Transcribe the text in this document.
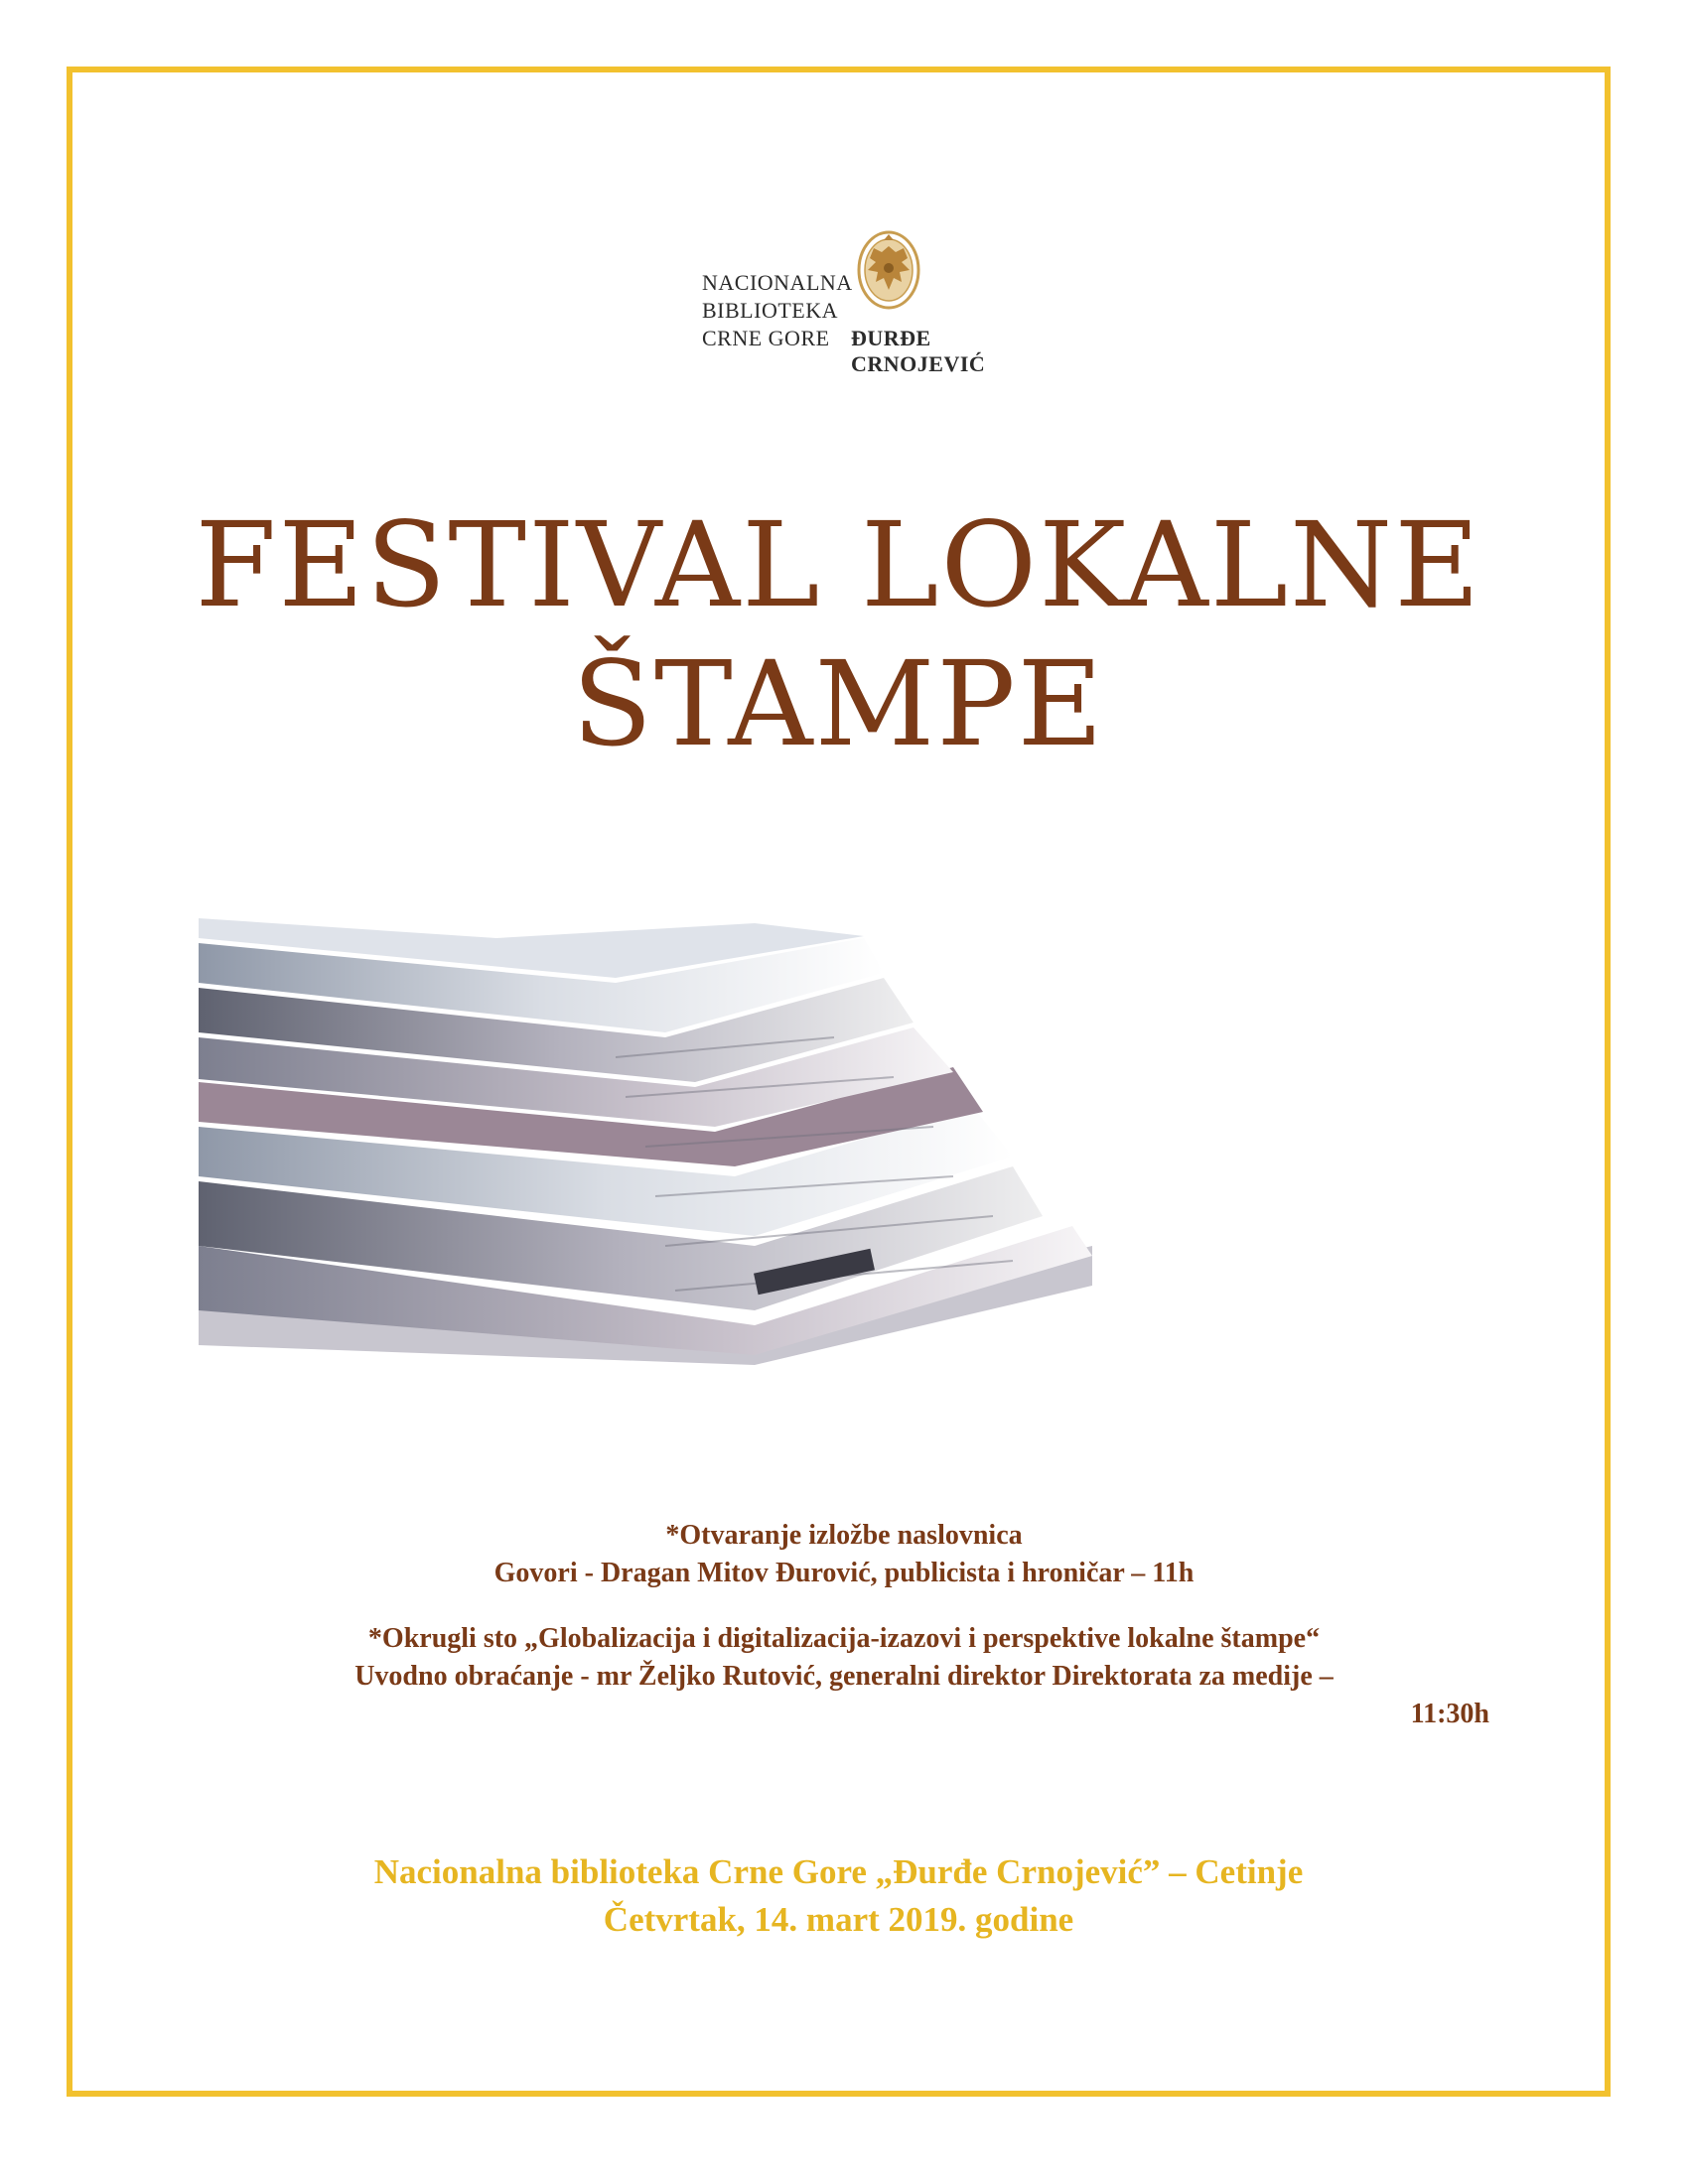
NACIONALNA
BIBLIOTEKA
CRNE GORE ĐURĐE
CRNOJEVIĆ
FESTIVAL LOKALNE
ŠTAMPE
*Otvaranje izložbe naslovnica
Govori - Dragan Mitov Đurović, publicista i hroničar – 11h
*Okrugli sto „Globalizacija i digitalizacija-izazovi i perspektive lokalne štampe“
Uvodno obraćanje - mr Željko Rutović, generalni direktor Direktorata za medije –
11:30h
Nacionalna biblioteka Crne Gore „Đurđe Crnojević” – Cetinje
Četvrtak, 14. mart 2019. godine
